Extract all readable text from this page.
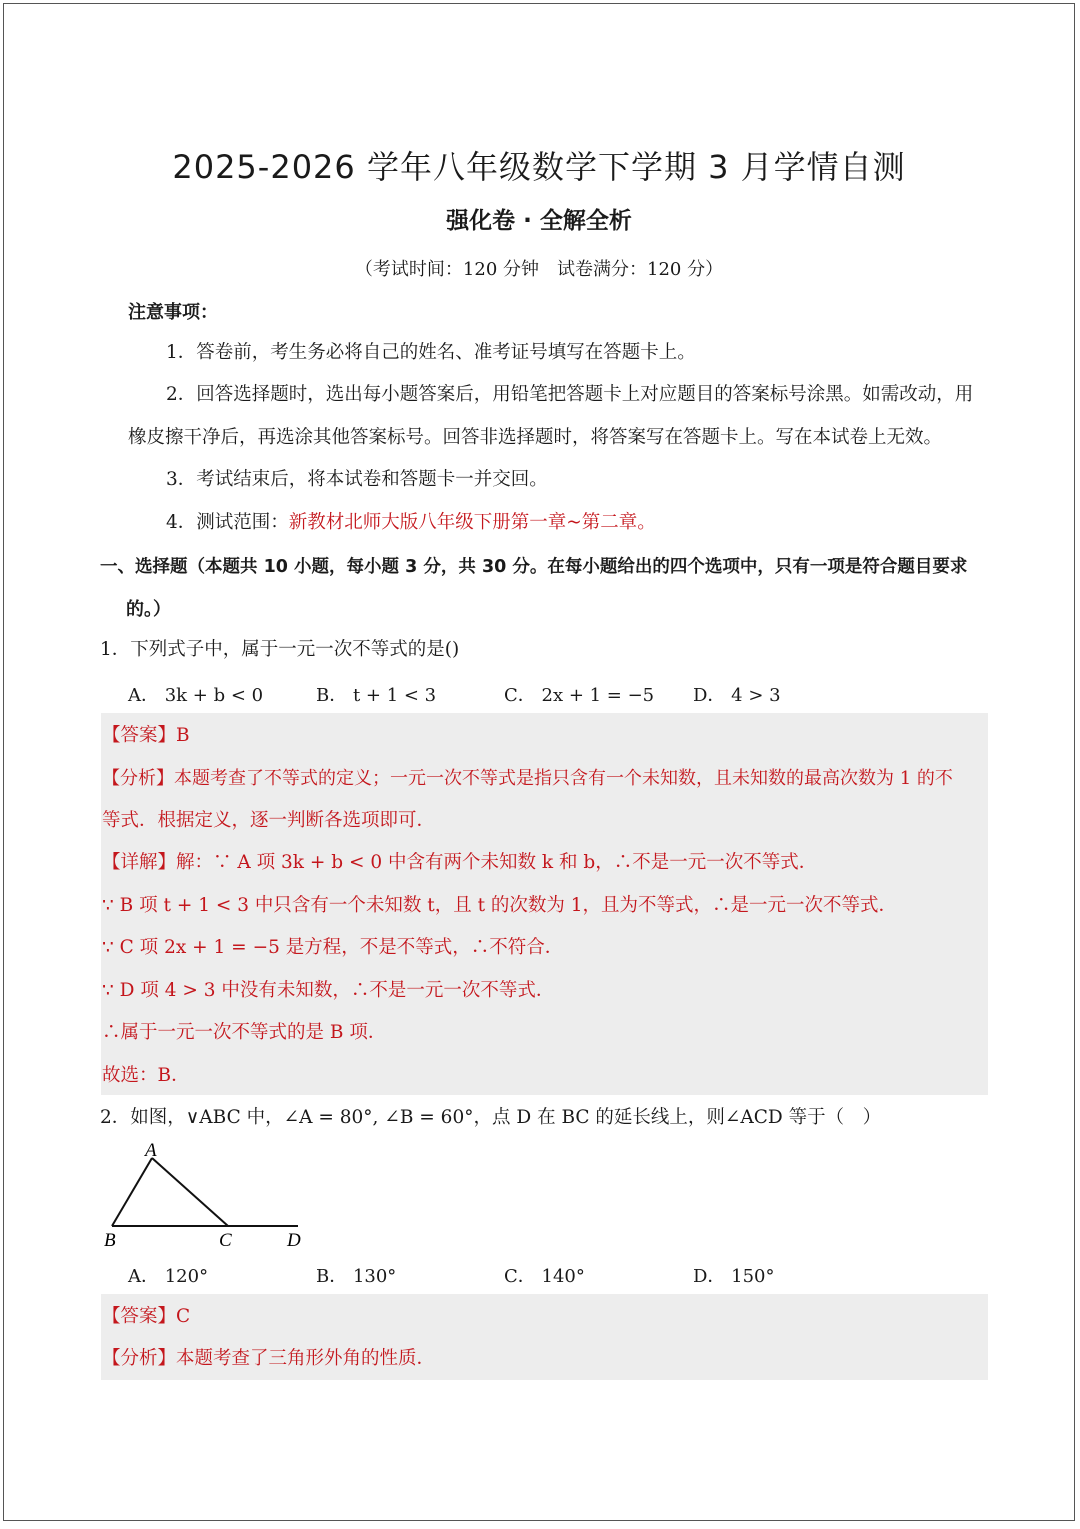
2025-2026 学年八年级数学下学期 3 月学情自测
强化卷 · 全解全析
（考试时间：120 分钟　试卷满分：120 分）
注意事项：
1．答卷前，考生务必将自己的姓名、准考证号填写在答题卡上。
2．回答选择题时，选出每小题答案后，用铅笔把答题卡上对应题目的答案标号涂黑。如需改动，用
橡皮擦干净后，再选涂其他答案标号。回答非选择题时，将答案写在答题卡上。写在本试卷上无效。
3．考试结束后，将本试卷和答题卡一并交回。
4．测试范围：新教材北师大版八年级下册第一章~第二章。
一、选择题（本题共 10 小题，每小题 3 分，共 30 分。在每小题给出的四个选项中，只有一项是符合题目要求
的。）
1．下列式子中，属于一元一次不等式的是()
A． 3k + b < 0	B． t + 1 < 3	C． 2x + 1 = −5 D． 4 > 3
【答案】B
【分析】本题考查了不等式的定义；一元一次不等式是指只含有一个未知数，且未知数的最高次数为 1 的不
等式．根据定义，逐一判断各选项即可．
【详解】解：∵ A 项 3k + b < 0 中含有两个未知数 k 和 b，∴不是一元一次不等式．
∵ B 项 t + 1 < 3 中只含有一个未知数 t，且 t 的次数为 1，且为不等式，∴是一元一次不等式．
∵ C 项 2x + 1 = −5 是方程，不是不等式，∴不符合．
∵ D 项 4 > 3 中没有未知数，∴不是一元一次不等式．
∴属于一元一次不等式的是 B 项．
故选：B．
2．如图，∨ABC 中，∠A = 80°, ∠B = 60°，点 D 在 BC 的延长线上，则∠ACD 等于（　）
A
B	C	D
A． 120°	B． 130°	C． 140°	D． 150°
【答案】C
【分析】本题考查了三角形外角的性质．
